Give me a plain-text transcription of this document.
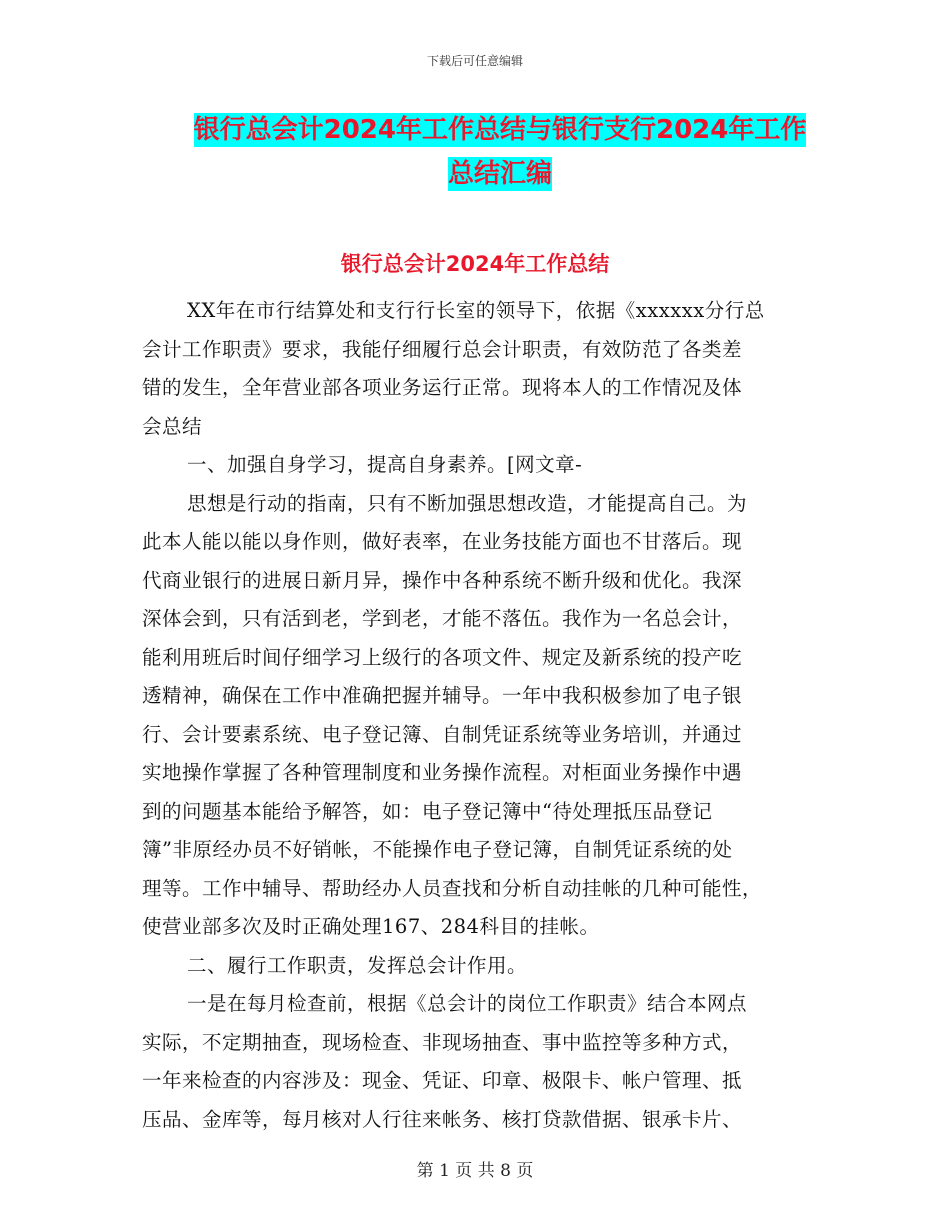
下载后可任意编辑
银行总会计2024年工作总结与银行支行2024年工作
总结汇编
银行总会计2024年工作总结
XX年在市行结算处和支行行长室的领导下，依据《xxxxxx分行总
会计工作职责》要求，我能仔细履行总会计职责，有效防范了各类差
错的发生，全年营业部各项业务运行正常。现将本人的工作情况及体
会总结
一、加强自身学习，提高自身素养。[网文章-
思想是行动的指南，只有不断加强思想改造，才能提高自己。为
此本人能以能以身作则，做好表率，在业务技能方面也不甘落后。现
代商业银行的进展日新月异，操作中各种系统不断升级和优化。我深
深体会到，只有活到老，学到老，才能不落伍。我作为一名总会计，
能利用班后时间仔细学习上级行的各项文件、规定及新系统的投产吃
透精神，确保在工作中准确把握并辅导。一年中我积极参加了电子银
行、会计要素系统、电子登记簿、自制凭证系统等业务培训，并通过
实地操作掌握了各种管理制度和业务操作流程。对柜面业务操作中遇
到的问题基本能给予解答，如：电子登记簿中“待处理抵压品登记
簿”非原经办员不好销帐，不能操作电子登记簿，自制凭证系统的处
理等。工作中辅导、帮助经办人员查找和分析自动挂帐的几种可能性，
使营业部多次及时正确处理167、284科目的挂帐。
二、履行工作职责，发挥总会计作用。
一是在每月检查前，根据《总会计的岗位工作职责》结合本网点
实际，不定期抽查，现场检查、非现场抽查、事中监控等多种方式，
一年来检查的内容涉及：现金、凭证、印章、极限卡、帐户管理、抵
压品、金库等，每月核对人行往来帐务、核打贷款借据、银承卡片、
第 1 页 共 8 页
